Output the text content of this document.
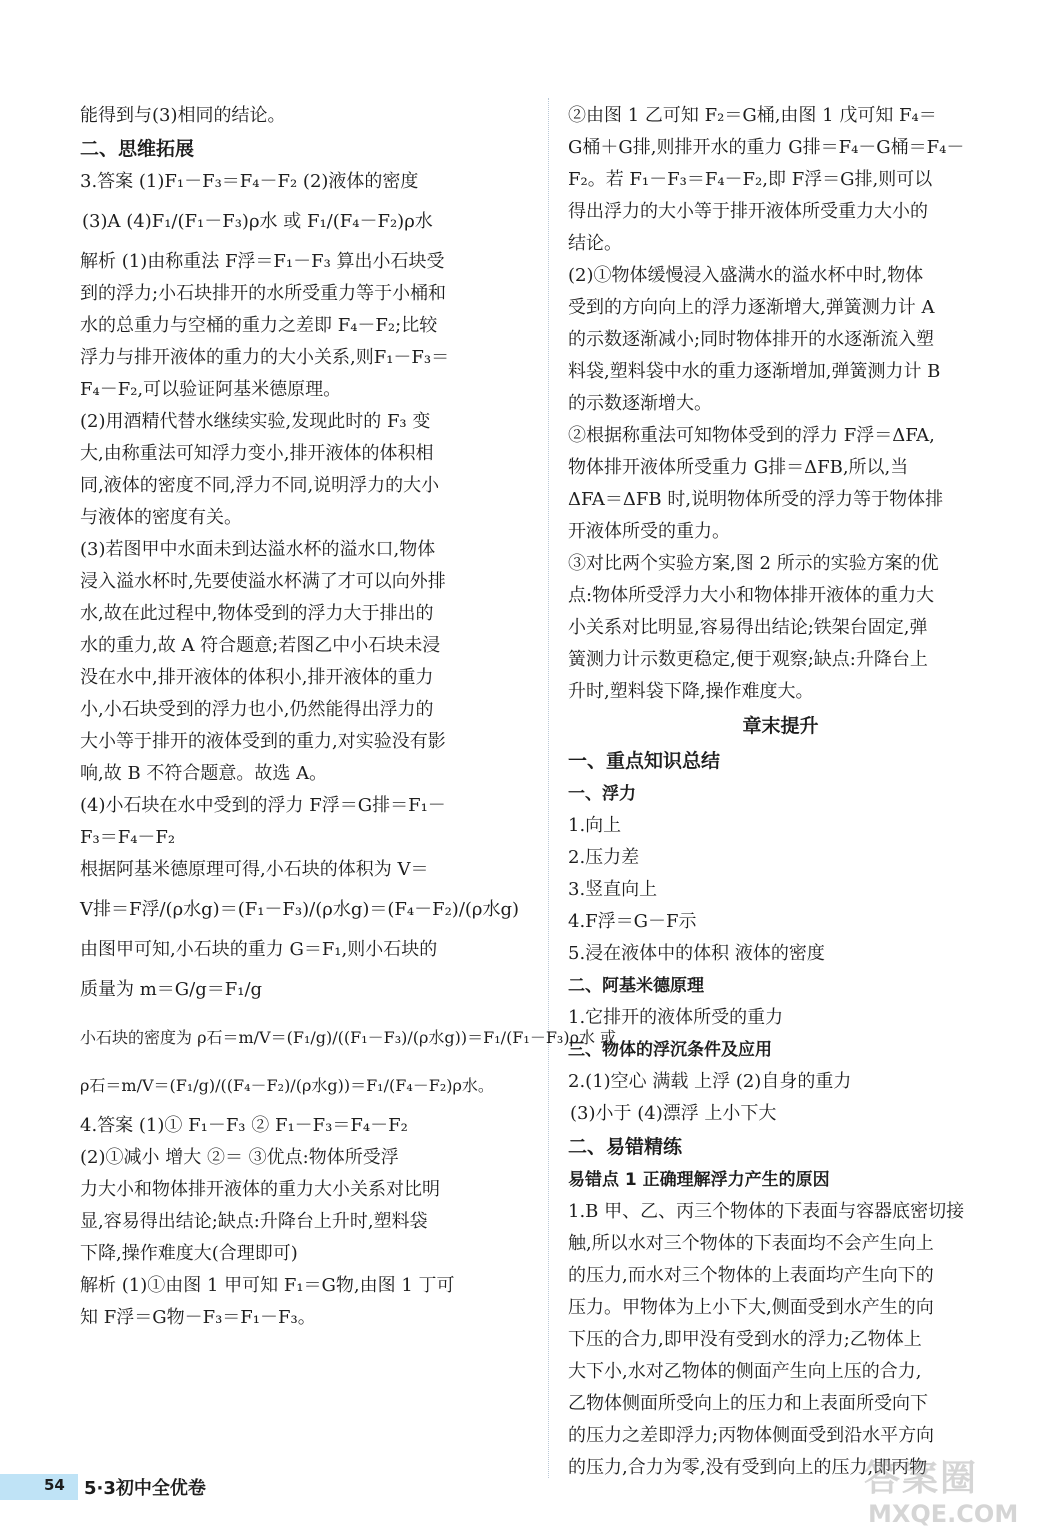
能得到与(3)相同的结论。

二、思维拓展

3.答案 (1)F₁－F₃＝F₄－F₂ (2)液体的密度

(3)A (4)F₁/(F₁－F₃)ρ水 或 F₁/(F₄－F₂)ρ水

解析 (1)由称重法 F浮＝F₁－F₃ 算出小石块受

到的浮力;小石块排开的水所受重力等于小桶和

水的总重力与空桶的重力之差即 F₄－F₂;比较

浮力与排开液体的重力的大小关系,则F₁－F₃＝

F₄－F₂,可以验证阿基米德原理。

(2)用酒精代替水继续实验,发现此时的 F₃ 变

大,由称重法可知浮力变小,排开液体的体积相

同,液体的密度不同,浮力不同,说明浮力的大小

与液体的密度有关。

(3)若图甲中水面未到达溢水杯的溢水口,物体

浸入溢水杯时,先要使溢水杯满了才可以向外排

水,故在此过程中,物体受到的浮力大于排出的

水的重力,故 A 符合题意;若图乙中小石块未浸

没在水中,排开液体的体积小,排开液体的重力

小,小石块受到的浮力也小,仍然能得出浮力的

大小等于排开的液体受到的重力,对实验没有影

响,故 B 不符合题意。故选 A。

(4)小石块在水中受到的浮力 F浮＝G排＝F₁－

F₃＝F₄－F₂

根据阿基米德原理可得,小石块的体积为 V＝

V排＝F浮/(ρ水g)＝(F₁－F₃)/(ρ水g)＝(F₄－F₂)/(ρ水g)

由图甲可知,小石块的重力 G＝F₁,则小石块的

质量为 m＝G/g＝F₁/g

小石块的密度为 ρ石＝m/V＝(F₁/g)/((F₁－F₃)/(ρ水g))＝F₁/(F₁－F₃)ρ水 或

ρ石＝m/V＝(F₁/g)/((F₄－F₂)/(ρ水g))＝F₁/(F₄－F₂)ρ水。

4.答案 (1)① F₁－F₃ ② F₁－F₃＝F₄－F₂

(2)①减小 增大 ②＝ ③优点:物体所受浮

力大小和物体排开液体的重力大小关系对比明

显,容易得出结论;缺点:升降台上升时,塑料袋

下降,操作难度大(合理即可)

解析 (1)①由图 1 甲可知 F₁＝G物,由图 1 丁可

知 F浮＝G物－F₃＝F₁－F₃。

②由图 1 乙可知 F₂＝G桶,由图 1 戊可知 F₄＝

G桶＋G排,则排开水的重力 G排＝F₄－G桶＝F₄－

F₂。若 F₁－F₃＝F₄－F₂,即 F浮＝G排,则可以

得出浮力的大小等于排开液体所受重力大小的

结论。

(2)①物体缓慢浸入盛满水的溢水杯中时,物体

受到的方向向上的浮力逐渐增大,弹簧测力计 A

的示数逐渐减小;同时物体排开的水逐渐流入塑

料袋,塑料袋中水的重力逐渐增加,弹簧测力计 B

的示数逐渐增大。

②根据称重法可知物体受到的浮力 F浮＝ΔFA,

物体排开液体所受重力 G排＝ΔFB,所以,当

ΔFA＝ΔFB 时,说明物体所受的浮力等于物体排

开液体所受的重力。

③对比两个实验方案,图 2 所示的实验方案的优

点:物体所受浮力大小和物体排开液体的重力大

小关系对比明显,容易得出结论;铁架台固定,弹

簧测力计示数更稳定,便于观察;缺点:升降台上

升时,塑料袋下降,操作难度大。

章末提升

一、重点知识总结

一、浮力

1.向上

2.压力差

3.竖直向上

4.F浮＝G－F示

5.浸在液体中的体积 液体的密度

二、阿基米德原理

1.它排开的液体所受的重力

三、物体的浮沉条件及应用

2.(1)空心 满载 上浮 (2)自身的重力

(3)小于 (4)漂浮 上小下大

二、易错精练

易错点 1 正确理解浮力产生的原因

1.B 甲、乙、丙三个物体的下表面与容器底密切接

触,所以水对三个物体的下表面均不会产生向上

的压力,而水对三个物体的上表面均产生向下的

压力。甲物体为上小下大,侧面受到水产生的向

下压的合力,即甲没有受到水的浮力;乙物体上

大下小,水对乙物体的侧面产生向上压的合力,

乙物体侧面所受向上的压力和上表面所受向下

的压力之差即浮力;丙物体侧面受到沿水平方向

的压力,合力为零,没有受到向上的压力,即丙物

54 5·3初中全优卷	答案圈
MXQE.COM
